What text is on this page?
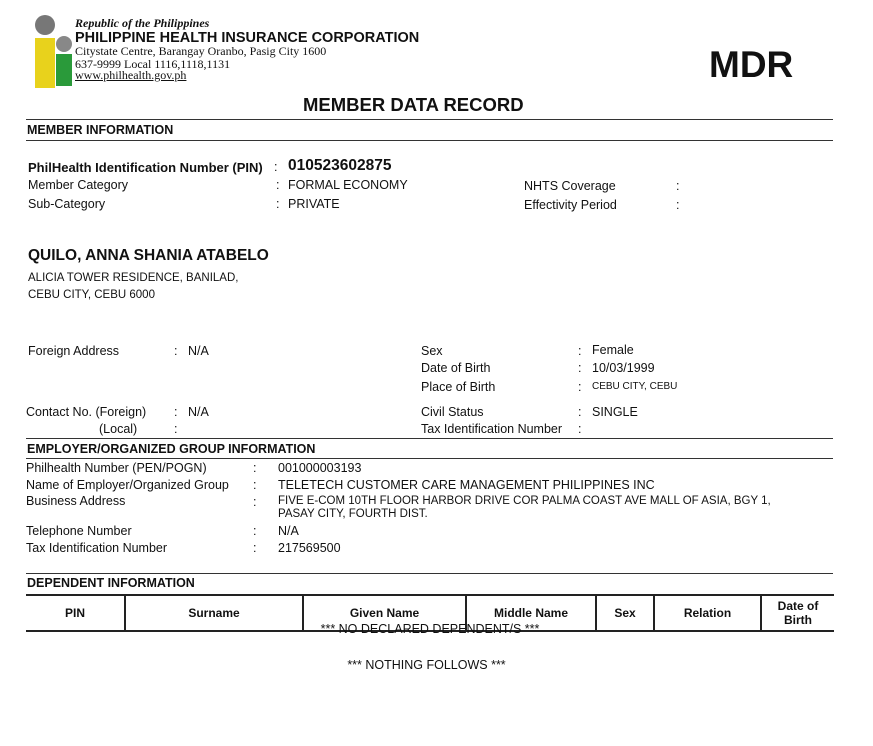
Republic of the Philippines
PHILIPPINE HEALTH INSURANCE CORPORATION
Citystate Centre, Barangay Oranbo, Pasig City 1600
637-9999 Local 1116,1118,1131
www.philhealth.gov.ph	MDR
MEMBER DATA RECORD
MEMBER INFORMATION
PhilHealth Identification Number (PIN) : 010523602875
Member Category	: FORMAL ECONOMY
Sub-Category	: PRIVATE
NHTS Coverage	:
Effectivity Period	:
QUILO, ANNA SHANIA ATABELO
ALICIA TOWER RESIDENCE, BANILAD,
CEBU CITY, CEBU 6000
Foreign Address	: N/A
Contact No. (Foreign) : N/A
(Local)	:
Sex	: Female
Date of Birth	: 10/03/1999
Place of Birth	: CEBU CITY, CEBU
Civil Status	: SINGLE
Tax Identification Number :
EMPLOYER/ORGANIZED GROUP INFORMATION
Philhealth Number (PEN/POGN)	: 001000003193
Name of Employer/Organized Group : TELETECH CUSTOMER CARE MANAGEMENT PHILIPPINES INC
Business Address	: FIVE E-COM 10TH FLOOR HARBOR DRIVE COR PALMA COAST AVE MALL OF ASIA, BGY 1,
PASAY CITY, FOURTH DIST.
Telephone Number	: N/A
Tax Identification Number	: 217569500
DEPENDENT INFORMATION
PIN	Surname	Given Name	Middle Name	Sex	Relation	Date of Birth
*** NO DECLARED DEPENDENT/S ***
*** NOTHING FOLLOWS ***
